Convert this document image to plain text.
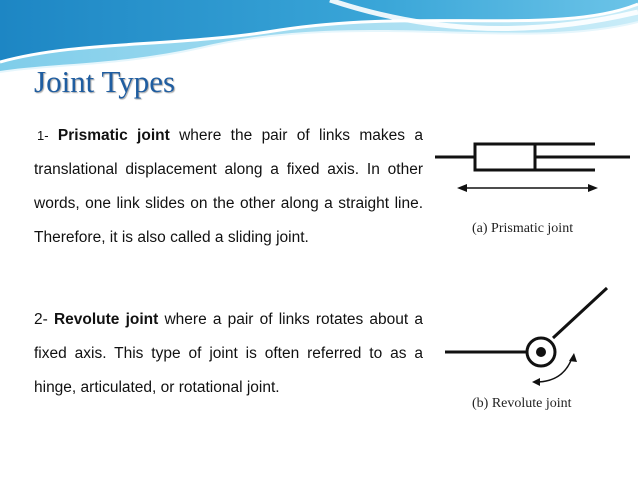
Joint Types

1- Prismatic joint where the pair of links makes a translational displacement along a fixed axis. In other words, one link slides on the other along a straight line. Therefore, it is also called a sliding joint.

2- Revolute joint where a pair of links rotates about a fixed axis. This type of joint is often referred to as a hinge, articulated, or rotational joint.

(a) Prismatic joint
(b) Revolute joint
